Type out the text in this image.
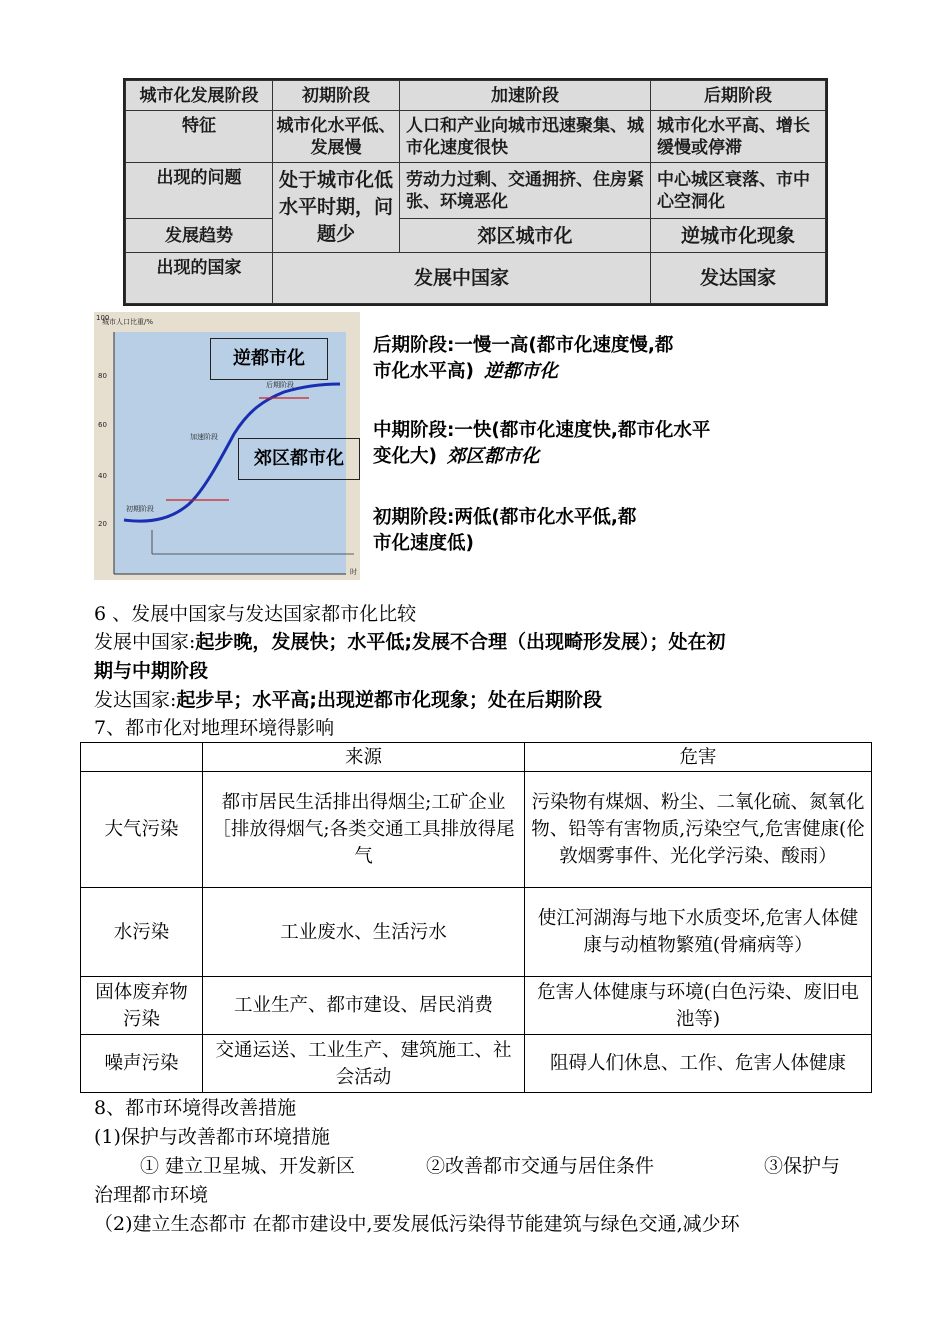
城市化发展阶段	初期阶段	加速阶段	后期阶段
特征	城市化水平低、发展慢	人口和产业向城市迅速聚集、城市化速度很快	城市化水平高、增长缓慢或停滞
出现的问题	处于城市化低水平时期，问题少	劳动力过剩、交通拥挤、住房紧张、环境恶化	中心城区衰落、市中心空洞化
发展趋势		郊区城市化	逆城市化现象
出现的国家	发展中国家		发达国家
城市人口比重/%
80
60
40
20
100
时
初期阶段
加速阶段
后期阶段
逆都市化
郊区都市化
后期阶段:一慢一高(都市化速度慢,都
市化水平高) 逆都市化
中期阶段:一快(都市化速度快,都市化水平
变化大) 郊区都市化
初期阶段:两低(都市化水平低,都
市化速度低)
6 、发展中国家与发达国家都市化比较
发展中国家:起步晚，发展快；水平低;发展不合理（出现畸形发展）；处在初
期与中期阶段
发达国家:起步早；水平高;出现逆都市化现象；处在后期阶段
7、都市化对地理环境得影响
	来源	危害
大气污染	都市居民生活排出得烟尘;工矿企业［排放得烟气;各类交通工具排放得尾气	污染物有煤烟、粉尘、二氧化硫、氮氧化物、铅等有害物质,污染空气,危害健康(伦敦烟雾事件、光化学污染、酸雨）
水污染	工业废水、生活污水	使江河湖海与地下水质变坏,危害人体健康与动植物繁殖(骨痛病等）
固体废弃物污染	工业生产、都市建设、居民消费	危害人体健康与环境(白色污染、废旧电池等)
噪声污染	交通运送、工业生产、建筑施工、社会活动	阻碍人们休息、工作、危害人体健康
8、都市环境得改善措施
(1)保护与改善都市环境措施
① 建立卫星城、开发新区	②改善都市交通与居住条件	③保护与
治理都市环境
（2)建立生态都市 在都市建设中,要发展低污染得节能建筑与绿色交通,减少环
